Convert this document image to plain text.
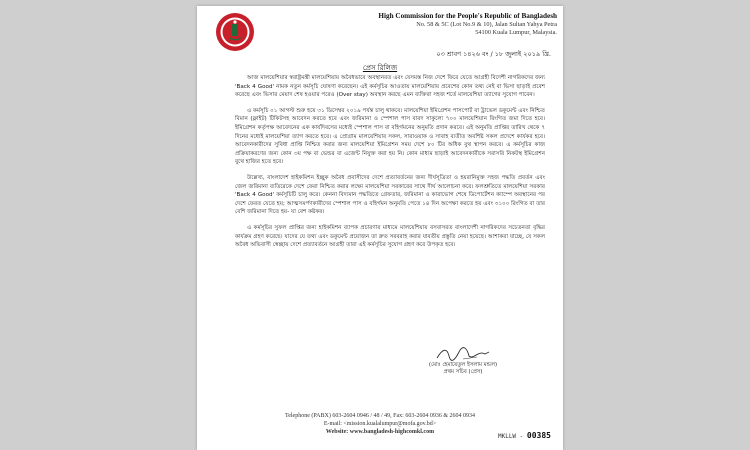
High Commission for the People's Republic of Bangladesh
No. 58 & 5C (Lot No.9 & 10), Jalan Sultan Yahya Petra
54100 Kuala Lumpur, Malaysia.
০৩ শ্রাবণ ১৪২৬ বং / ১৮ জুলাই ২০১৯ খ্রি.
প্রেস রিলিজ

আজ মালয়েশিয়ার স্বরাষ্ট্রমন্ত্রী মালয়েশিয়ায় অবৈধভাবে অবস্থানরত এবং যেসমস্ত নিজ দেশে ফিরে যেতে আগ্রহী বিদেশী নাগরিকদের জন্য 'Back 4 Good' নামক নতুন কর্মসূচি ঘোষণা করেছেন। এই কর্মসূচির আওতায় মালয়েশিয়ায় প্রবেশের কোন তথ্য নেই বা ভিসা ছাড়াই প্রবেশ করেছে এবং ভিসার মেয়াদ শেষ হওয়ার পরেও (Over stay) অবস্থান করছে এমন ব্যক্তিরা সহজ শর্তে মালয়েশিয়া ত্যাগের সুযোগ পাবেন।

এ কর্মসূচি ০১ আগস্ট শুরু হয়ে ৩১ ডিসেম্বর ২০১৯ পর্যন্ত চালু থাকবে। মালয়েশিয়া ইমিগ্রেশন পাসপোর্ট বা ট্রাভেল ডকুমেন্ট এবং নিশ্চিত বিমান (ফ্লাইট) টিকিটসহ আবেদন করতে হবে এবং জরিমানা ও স্পেশাল পাস বাবদ সাকুল্যে ৭০০ মালয়েশিয়ান রিংগিত জমা দিতে হবে। ইমিগ্রেশন কর্তৃপক্ষ আবেদনের এক কার্যদিবসের মধ্যেই স্পেশাল পাস বা বহির্গমনের অনুমতি প্রদান করবে। এই অনুমতি প্রাপ্তির তারিখ থেকে ৭ দিনের মধ্যেই মালয়েশিয়া ত্যাগ করতে হবে। এ প্রোগ্রাম মালয়েশিয়ার সকল, সারাওয়াক ও সাবাহ ব্যতীত অবশিষ্ট সকল প্রদেশে কার্যকর হবে। আবেদনকারীদের সুবিধা প্রাপ্তি নিশ্চিত করার জন্য মালয়েশিয়া ইমিগ্রেশন সময় দেশে ৮০ টির অধিক বুথ স্থাপন করবে। এ কর্মসূচির কাজ প্রক্রিয়াকরণের জন্য কোন ৩য় পক্ষ বা ভেন্ডর বা এজেন্ট নিযুক্ত করা হয় নি। কোন মাধ্যম ছাড়াই আবেদনকারীকে সরাসরি নিকটস্থ ইমিগ্রেশন বুথে হাজির হতে হবে।

উল্লেখ্য, বাংলাদেশ হাইকমিশন ইচ্ছুক অবৈধ প্রবাসীদের দেশে প্রত্যাবর্তনের জন্য দীর্ঘসূত্রিতা ও হয়রানিমুক্ত সহজ পদ্ধতি প্রবর্তন এবং জেল জরিমানা ব্যতিরেকে দেশে ফেরা নিশ্চিত করার লক্ষ্যে মালয়েশিয়া সরকারের সাথে দীর্ঘ আলোচনা করে। ফলশ্রুতিতে মালয়েশিয়া সরকার 'Back 4 Good' কর্মসূচিটি চালু করে। কেননা বিদ্যমান পদ্ধতিতে গ্রেফতার, জরিমানা ও কারাভোগ শেষে ডিপোর্টেশন ক্যাম্পে অবস্থানের পর দেশে ফেরত যেতে হয়; আত্মসমর্পণকারীদের স্পেশাল পাস ও বহির্গমন অনুমতি পেতে ১৪ দিন অপেক্ষা করতে হয় এবং ৩১০০ রিংগিত বা তার বেশি জরিমানা দিতে হয়- যা বেশ কষ্টকর।

এ কর্মসূচির সুফল প্রাপ্তির জন্য হাইকমিশন ব্যাপক প্রচারণার মাধ্যমে মালয়েশিয়ায় বসবাসরত বাংলাদেশী নাগরিকদের সচেতনতা বৃদ্ধির কার্যক্রম গ্রহণ করেছে। যাদের যে তথ্য এবং ডকুমেন্ট প্রয়োজন তা দ্রুত সরবরাহ করার যাবতীয় প্রস্তুতি নেয়া হয়েছে। আশাকরা যাচ্ছে, যে সকল অবৈধ অভিবাসী স্বেচ্ছায় দেশে প্রত্যাবর্তনে আগ্রহী তারা এই কর্মসূচির সুযোগ গ্রহণ করে উপকৃত হবে।

(মোঃ হেমায়েতুল ইসলাম মন্ডল)
প্রথম সচিব (প্রেস)
Telephone (PABX) 603-2604 0946 / 48 / 49, Fax: 603-2604 0936 & 2604 0934
E-mail: <mission.kualalumpur@mofa.gov.bd>
Website: www.bangladesh-highcomkl.com
MKLLW - 00385
